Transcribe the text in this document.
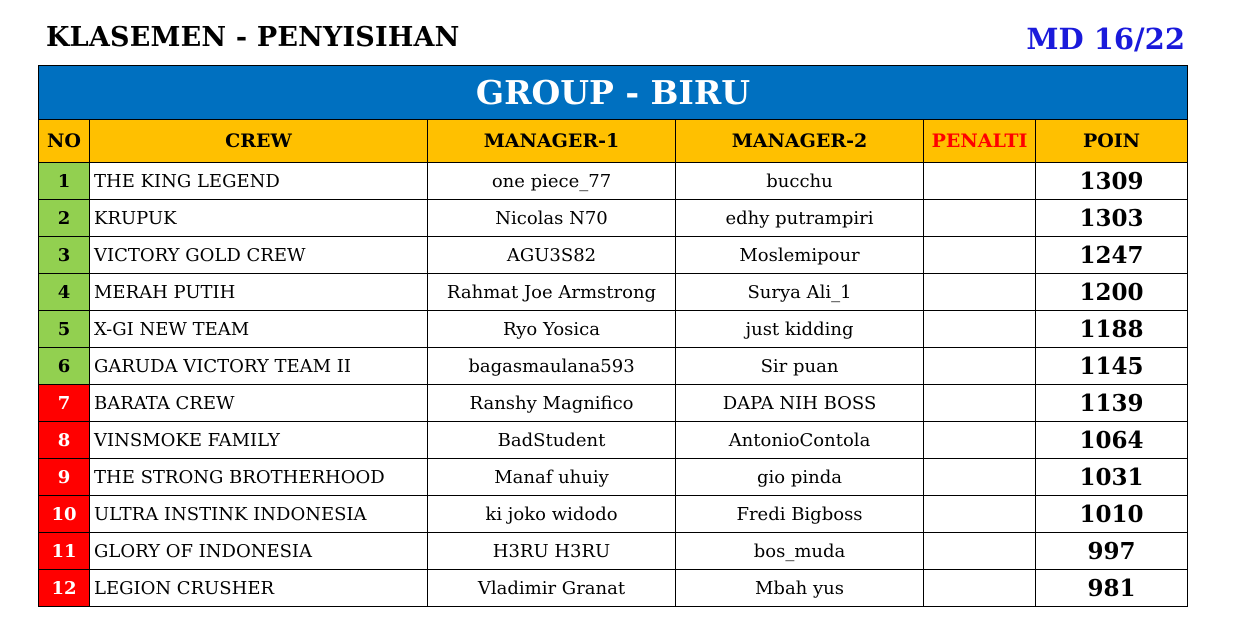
KLASEMEN - PENYISIHAN	MD 16/22
GROUP - BIRU					
NO	CREW	MANAGER-1	MANAGER-2	PENALTI	POIN
1	THE KING LEGEND	one piece_77	bucchu		1309
2	KRUPUK	Nicolas N70	edhy putrampiri		1303
3	VICTORY GOLD CREW	AGU3S82	Moslemipour		1247
4	MERAH PUTIH	Rahmat Joe Armstrong	Surya Ali_1		1200
5	X-GI NEW TEAM	Ryo Yosica	just kidding		1188
6	GARUDA VICTORY TEAM II	bagasmaulana593	Sir puan		1145
7	BARATA CREW	Ranshy Magnifico	DAPA NIH BOSS		1139
8	VINSMOKE FAMILY	BadStudent	AntonioContola		1064
9	THE STRONG BROTHERHOOD	Manaf uhuiy	gio pinda		1031
10	ULTRA INSTINK INDONESIA	ki joko widodo	Fredi Bigboss		1010
11	GLORY OF INDONESIA	H3RU H3RU	bos_muda		997
12	LEGION CRUSHER	Vladimir Granat	Mbah yus		981
